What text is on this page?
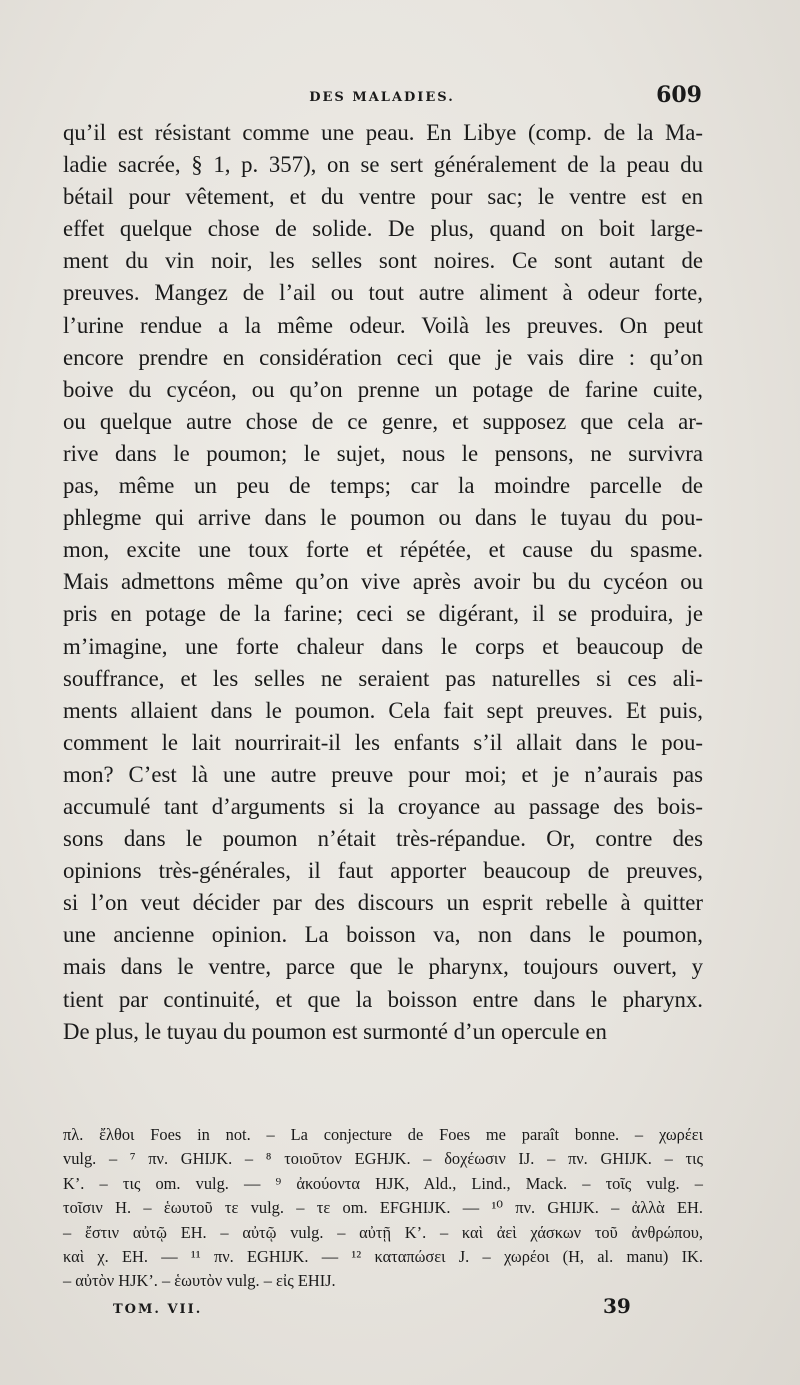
DES MALADIES.	609
qu’il est résistant comme une peau. En Libye (comp. de la Ma-
ladie sacrée, § 1, p. 357), on se sert généralement de la peau du
bétail pour vêtement, et du ventre pour sac; le ventre est en
effet quelque chose de solide. De plus, quand on boit large-
ment du vin noir, les selles sont noires. Ce sont autant de
preuves. Mangez de l’ail ou tout autre aliment à odeur forte,
l’urine rendue a la même odeur. Voilà les preuves. On peut
encore prendre en considération ceci que je vais dire : qu’on
boive du cycéon, ou qu’on prenne un potage de farine cuite,
ou quelque autre chose de ce genre, et supposez que cela ar-
rive dans le poumon; le sujet, nous le pensons, ne survivra
pas, même un peu de temps; car la moindre parcelle de
phlegme qui arrive dans le poumon ou dans le tuyau du pou-
mon, excite une toux forte et répétée, et cause du spasme.
Mais admettons même qu’on vive après avoir bu du cycéon ou
pris en potage de la farine; ceci se digérant, il se produira, je
m’imagine, une forte chaleur dans le corps et beaucoup de
souffrance, et les selles ne seraient pas naturelles si ces ali-
ments allaient dans le poumon. Cela fait sept preuves. Et puis,
comment le lait nourrirait-il les enfants s’il allait dans le pou-
mon? C’est là une autre preuve pour moi; et je n’aurais pas
accumulé tant d’arguments si la croyance au passage des bois-
sons dans le poumon n’était très-répandue. Or, contre des
opinions très-générales, il faut apporter beaucoup de preuves,
si l’on veut décider par des discours un esprit rebelle à quitter
une ancienne opinion. La boisson va, non dans le poumon,
mais dans le ventre, parce que le pharynx, toujours ouvert, y
tient par continuité, et que la boisson entre dans le pharynx.
De plus, le tuyau du poumon est surmonté d’un opercule en
πλ. ἔλθοι Foes in not. – La conjecture de Foes me paraît bonne. – χωρέει
vulg. – ⁷ πν. GHIJK. – ⁸ τοιοῦτον EGHJK. – δοχέωσιν IJ. – πν. GHIJK. – τις
K’. – τις om. vulg. — ⁹ ἀκούοντα HJK, Ald., Lind., Mack. – τοῖς vulg. –
τοῖσιν H. – ἑωυτοῦ τε vulg. – τε om. EFGHIJK. — ¹⁰ πν. GHIJK. – ἀλλὰ EH.
– ἔστιν αὐτῷ EH. – αὐτῷ vulg. – αὐτῇ K’. – καὶ ἀεὶ χάσκων τοῦ ἀνθρώπου,
καὶ χ. EH. — ¹¹ πν. EGHIJK. — ¹² καταπώσει J. – χωρέοι (H, al. manu) IK.
– αὐτὸν HJK’. – ἑωυτὸν vulg. – εἰς EHIJ.
TOM. VII.	39
